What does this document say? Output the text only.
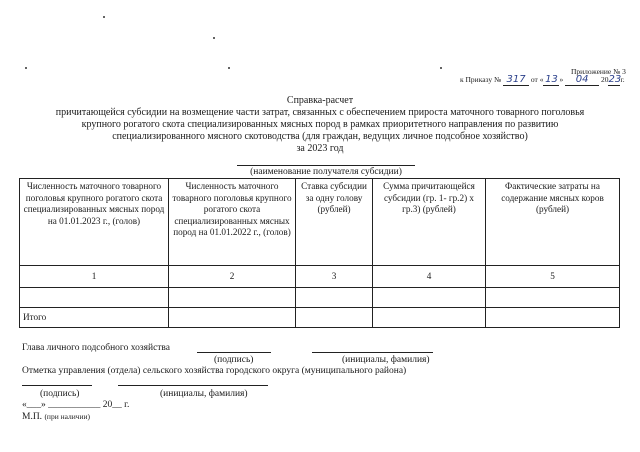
Приложение № 3
к Приказу № 317 от « 13 » 04 2023г.
Справка-расчет
причитающейся субсидии на возмещение части затрат, связанных с обеспечением прироста маточного товарного поголовья
крупного рогатого скота специализированных мясных пород в рамках приоритетного направления по развитию
специализированного мясного скотоводства (для граждан, ведущих личное подсобное хозяйство)
за 2023 год
(наименование получателя субсидии)
Численность маточного товарного поголовья крупного рогатого скота специализированных мясных пород на 01.01.2023 г., (голов)	Численность маточного товарного поголовья крупного рогатого скота специализированных мясных пород на 01.01.2022 г., (голов)	Ставка субсидии за одну голову (рублей)	Сумма причитающейся субсидии (гр. 1- гр.2) х гр.3) (рублей)	Фактические затраты на содержание мясных коров (рублей)
1	2	3	4	5

Итого				
Глава личного подсобного хозяйства
(подпись)	(инициалы, фамилия)
Отметка управления (отдела) сельского хозяйства городского округа (муниципального района)
(подпись)	(инициалы, фамилия)
«___» ___________ 20__ г.
М.П. (при наличии)
